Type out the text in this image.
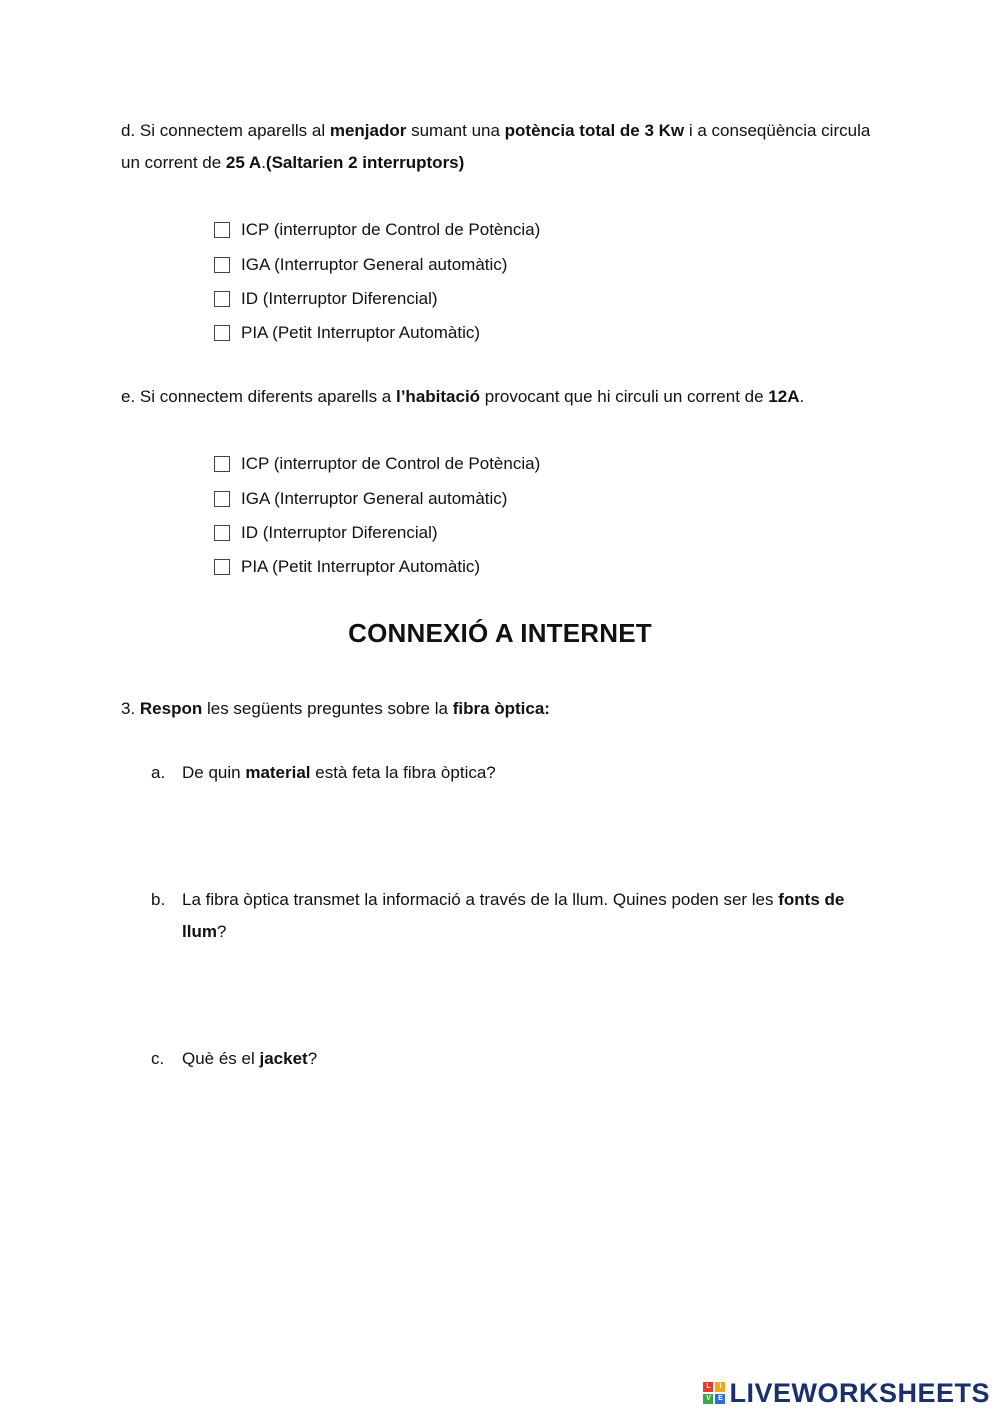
d. Si connectem aparells al menjador sumant una potència total de 3 Kw i a conseqüència circula un corrent de 25 A.(Saltarien 2 interruptors)
ICP (interruptor de Control de Potència)
IGA (Interruptor General automàtic)
ID (Interruptor Diferencial)
PIA (Petit Interruptor Automàtic)
e. Si connectem diferents aparells a l’habitació provocant que hi circuli un corrent de 12A.
ICP (interruptor de Control de Potència)
IGA (Interruptor General automàtic)
ID (Interruptor Diferencial)
PIA (Petit Interruptor Automàtic)
CONNEXIÓ A INTERNET
3. Respon les següents preguntes sobre la fibra òptica:
a. De quin material està feta la fibra òptica?
b. La fibra òptica transmet la informació a través de la llum. Quines poden ser les fonts de llum?
c. Què és el jacket?
L	I
V	E LIVEWORKSHEETS
